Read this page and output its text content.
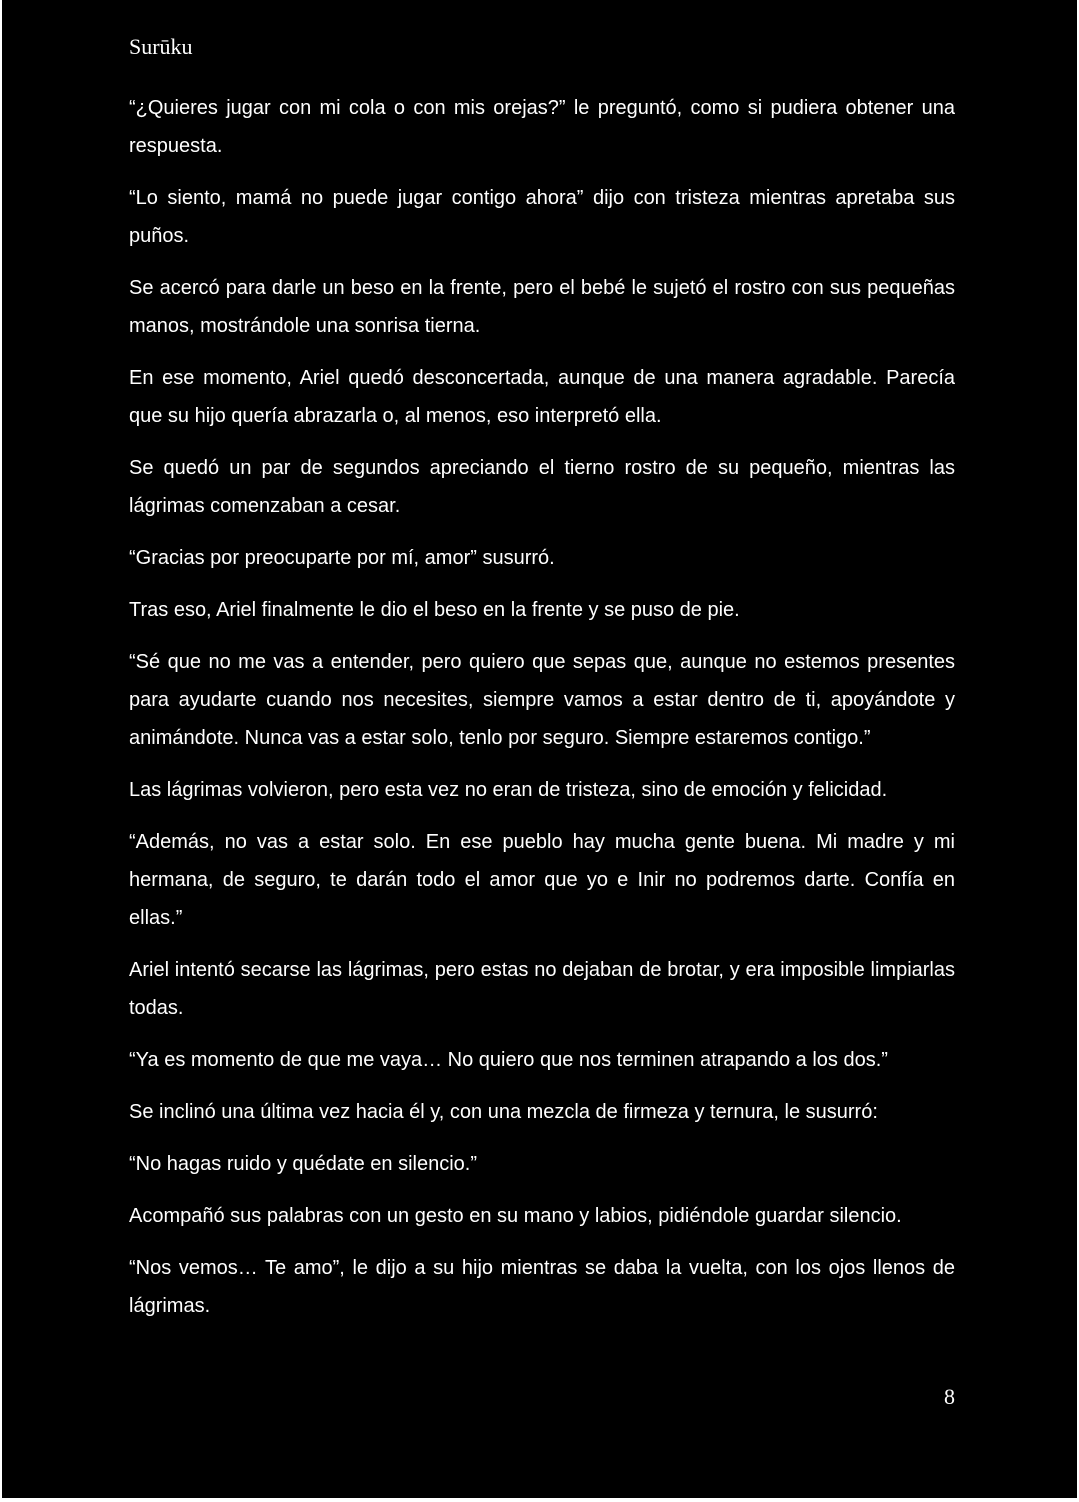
Surūku

“¿Quieres jugar con mi cola o con mis orejas?” le preguntó, como si pudiera obtener una respuesta.

“Lo siento, mamá no puede jugar contigo ahora” dijo con tristeza mientras apretaba sus puños.

Se acercó para darle un beso en la frente, pero el bebé le sujetó el rostro con sus pequeñas manos, mostrándole una sonrisa tierna.

En ese momento, Ariel quedó desconcertada, aunque de una manera agradable. Parecía que su hijo quería abrazarla o, al menos, eso interpretó ella.

Se quedó un par de segundos apreciando el tierno rostro de su pequeño, mientras las lágrimas comenzaban a cesar.

“Gracias por preocuparte por mí, amor” susurró.

Tras eso, Ariel finalmente le dio el beso en la frente y se puso de pie.

“Sé que no me vas a entender, pero quiero que sepas que, aunque no estemos presentes para ayudarte cuando nos necesites, siempre vamos a estar dentro de ti, apoyándote y animándote. Nunca vas a estar solo, tenlo por seguro. Siempre estaremos contigo.”

Las lágrimas volvieron, pero esta vez no eran de tristeza, sino de emoción y felicidad.

“Además, no vas a estar solo. En ese pueblo hay mucha gente buena. Mi madre y mi hermana, de seguro, te darán todo el amor que yo e Inir no podremos darte. Confía en ellas.”

Ariel intentó secarse las lágrimas, pero estas no dejaban de brotar, y era imposible limpiarlas todas.

“Ya es momento de que me vaya… No quiero que nos terminen atrapando a los dos.”

Se inclinó una última vez hacia él y, con una mezcla de firmeza y ternura, le susurró:

“No hagas ruido y quédate en silencio.”

Acompañó sus palabras con un gesto en su mano y labios, pidiéndole guardar silencio.

“Nos vemos… Te amo”, le dijo a su hijo mientras se daba la vuelta, con los ojos llenos de lágrimas.

8
